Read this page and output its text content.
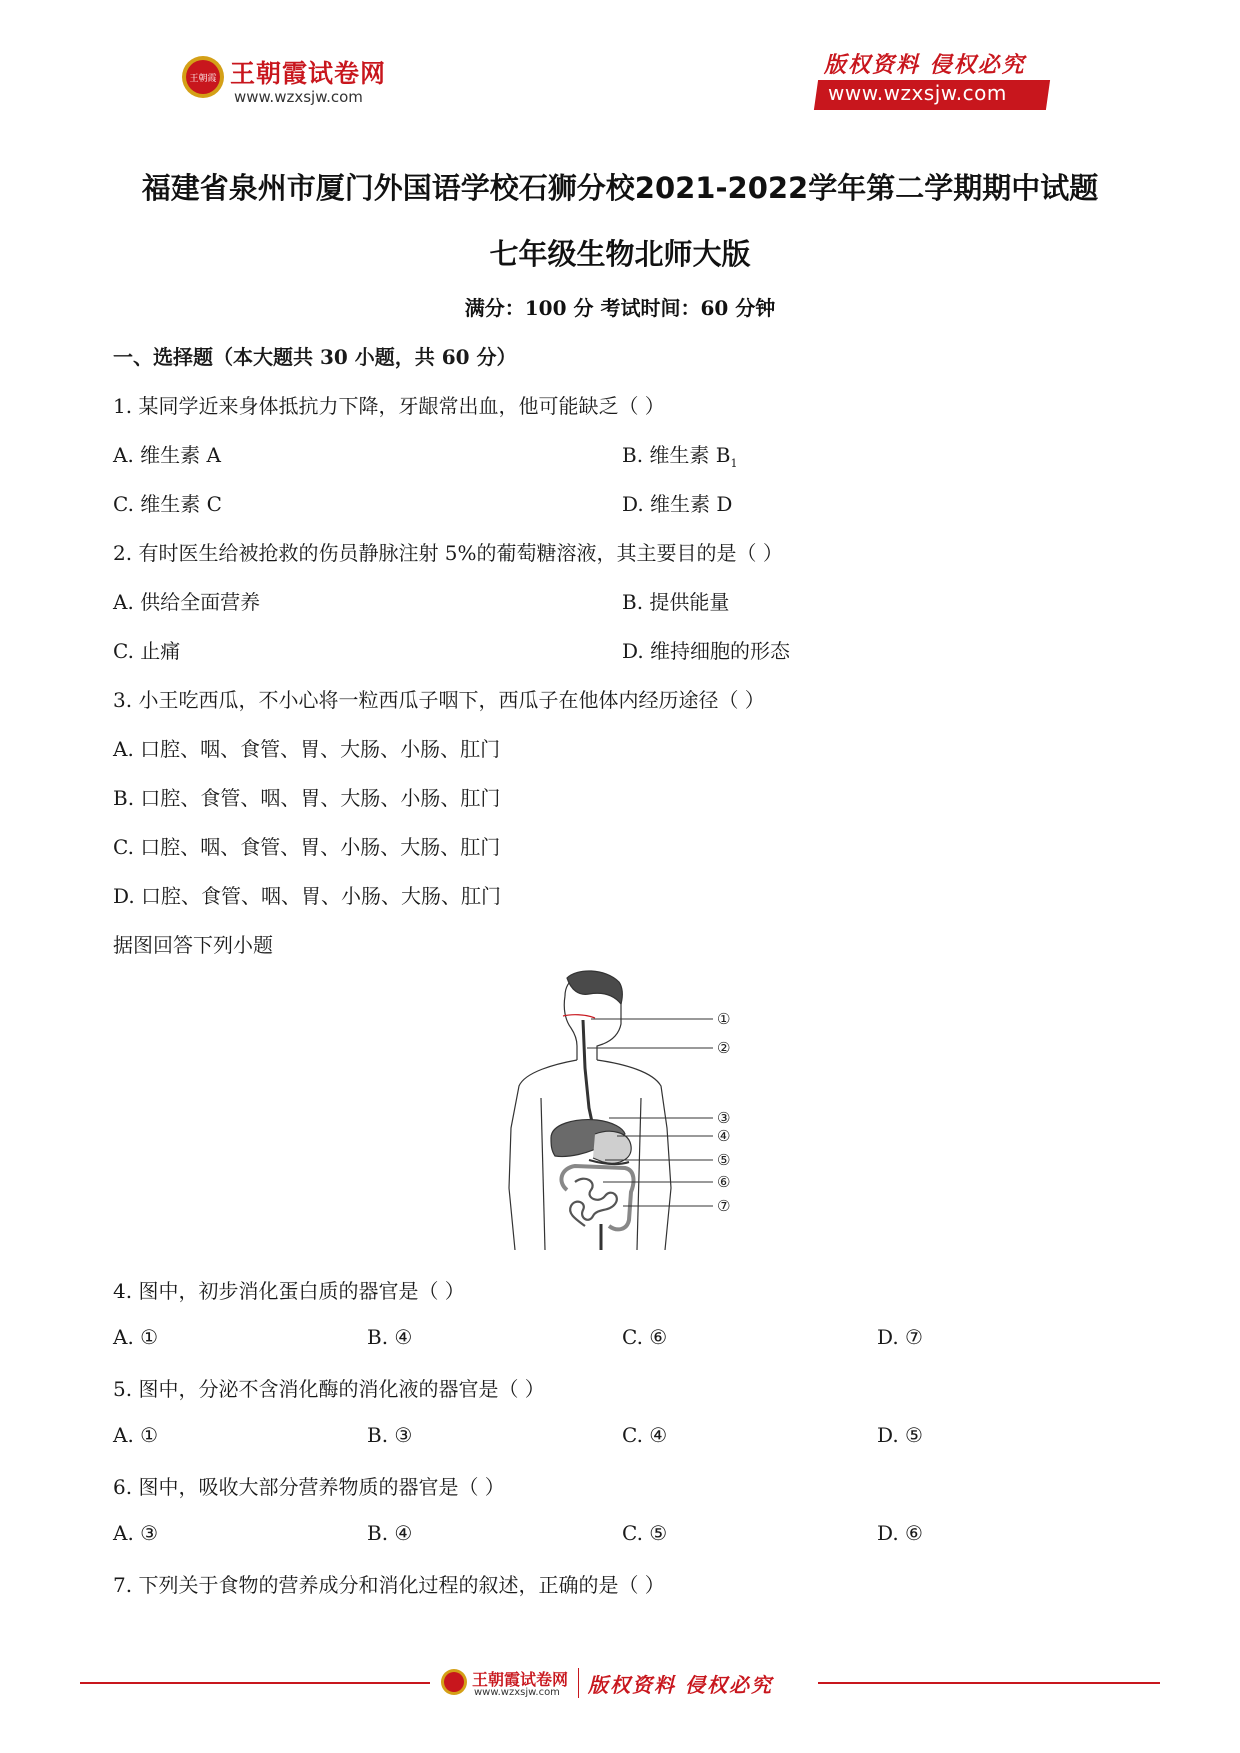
王朝霞 王朝霞试卷网
www.wzxsjw.com
版权资料 侵权必究
www.wzxsjw.com
福建省泉州市厦门外国语学校石狮分校2021-2022学年第二学期期中试题
七年级生物北师大版
满分：100 分 考试时间：60 分钟
一、选择题（本大题共 30 小题，共 60 分）
1. 某同学近来身体抵抗力下降，牙龈常出血，他可能缺乏（ ）
A. 维生素 A	B. 维生素 $B_1$
C. 维生素 C	D. 维生素 D
2. 有时医生给被抢救的伤员静脉注射 5%的葡萄糖溶液，其主要目的是（ ）
A. 供给全面营养	B. 提供能量
C. 止痛	D. 维持细胞的形态
3. 小王吃西瓜，不小心将一粒西瓜子咽下，西瓜子在他体内经历途径（ ）
A. 口腔、咽、食管、胃、大肠、小肠、肛门
B. 口腔、食管、咽、胃、大肠、小肠、肛门
C. 口腔、咽、食管、胃、小肠、大肠、肛门
D. 口腔、食管、咽、胃、小肠、大肠、肛门
据图回答下列小题
①
②
③
④
⑤
⑥
⑦
4. 图中，初步消化蛋白质的器官是（ ）
A. ①	B. ④	C. ⑥	D. ⑦
5. 图中，分泌不含消化酶的消化液的器官是（ ）
A. ①	B. ③	C. ④	D. ⑤
6. 图中，吸收大部分营养物质的器官是（ ）
A. ③	B. ④	C. ⑤	D. ⑥
7. 下列关于食物的营养成分和消化过程的叙述，正确的是（ ）
王朝霞试卷网
www.wzxsjw.com 版权资料 侵权必究
